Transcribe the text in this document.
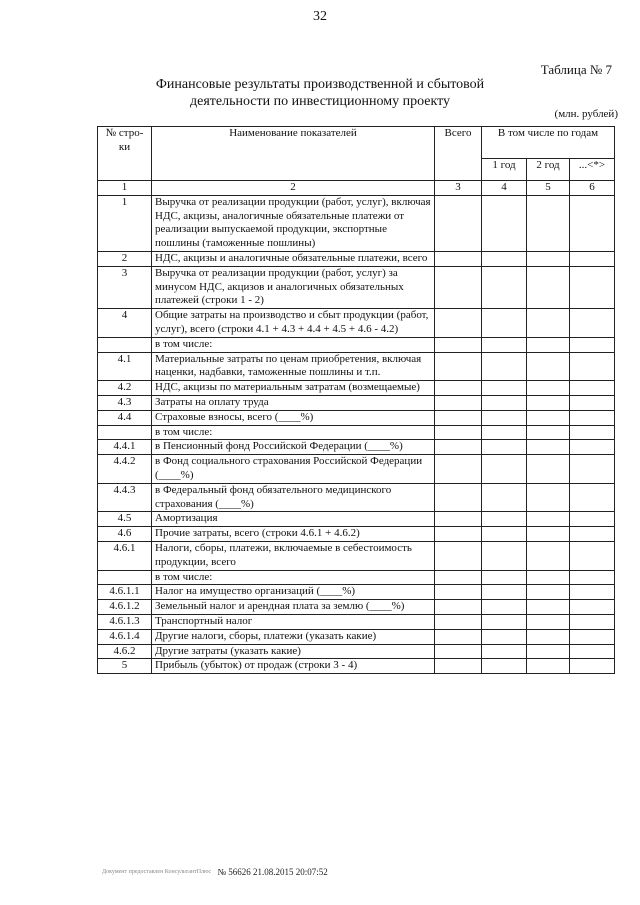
32
Таблица № 7
Финансовые результаты производственной и сбытовой
деятельности по инвестиционному проекту
(млн. рублей)
№ стро- ки	Наименование показателей	Всего	В том числе по годам		
			1 год	2 год	...<*>
1	2	3	4	5	6
1	Выручка от реализации продукции (работ, услуг), включая НДС, акцизы, аналогичные обязательные платежи от реализации выпускаемой продукции, экспортные пошлины (таможенные пошлины)				
2	НДС, акцизы и аналогичные обязательные платежи, всего				
3	Выручка от реализации продукции (работ, услуг) за минусом НДС, акцизов и аналогичных обязательных платежей (строки 1 - 2)				
4	Общие затраты на производство и сбыт продукции (работ, услуг), всего (строки 4.1 + 4.3 + 4.4 + 4.5 + 4.6 - 4.2)				
	в том числе:				
4.1	Материальные затраты по ценам приобретения, включая наценки, надбавки, таможенные пошлины и т.п.				
4.2	НДС, акцизы по материальным затратам (возмещаемые)				
4.3	Затраты на оплату труда				
4.4	Страховые взносы, всего (____%)				
	в том числе:				
4.4.1	в Пенсионный фонд Российской Федерации (____%)				
4.4.2	в Фонд социального страхования Российской Федерации (____%)				
4.4.3	в Федеральный фонд обязательного медицинского страхования (____%)				
4.5	Амортизация				
4.6	Прочие затраты, всего (строки 4.6.1 + 4.6.2)				
4.6.1	Налоги, сборы, платежи, включаемые в себестоимость продукции, всего				
	в том числе:				
4.6.1.1	Налог на имущество организаций (____%)				
4.6.1.2	Земельный налог и арендная плата за землю (____%)				
4.6.1.3	Транспортный налог				
4.6.1.4	Другие налоги, сборы, платежи (указать какие)				
4.6.2	Другие затраты (указать какие)				
5	Прибыль (убыток) от продаж (строки 3 - 4)				
Документ предоставлен КонсультантПлюс № 56626 21.08.2015 20:07:52
